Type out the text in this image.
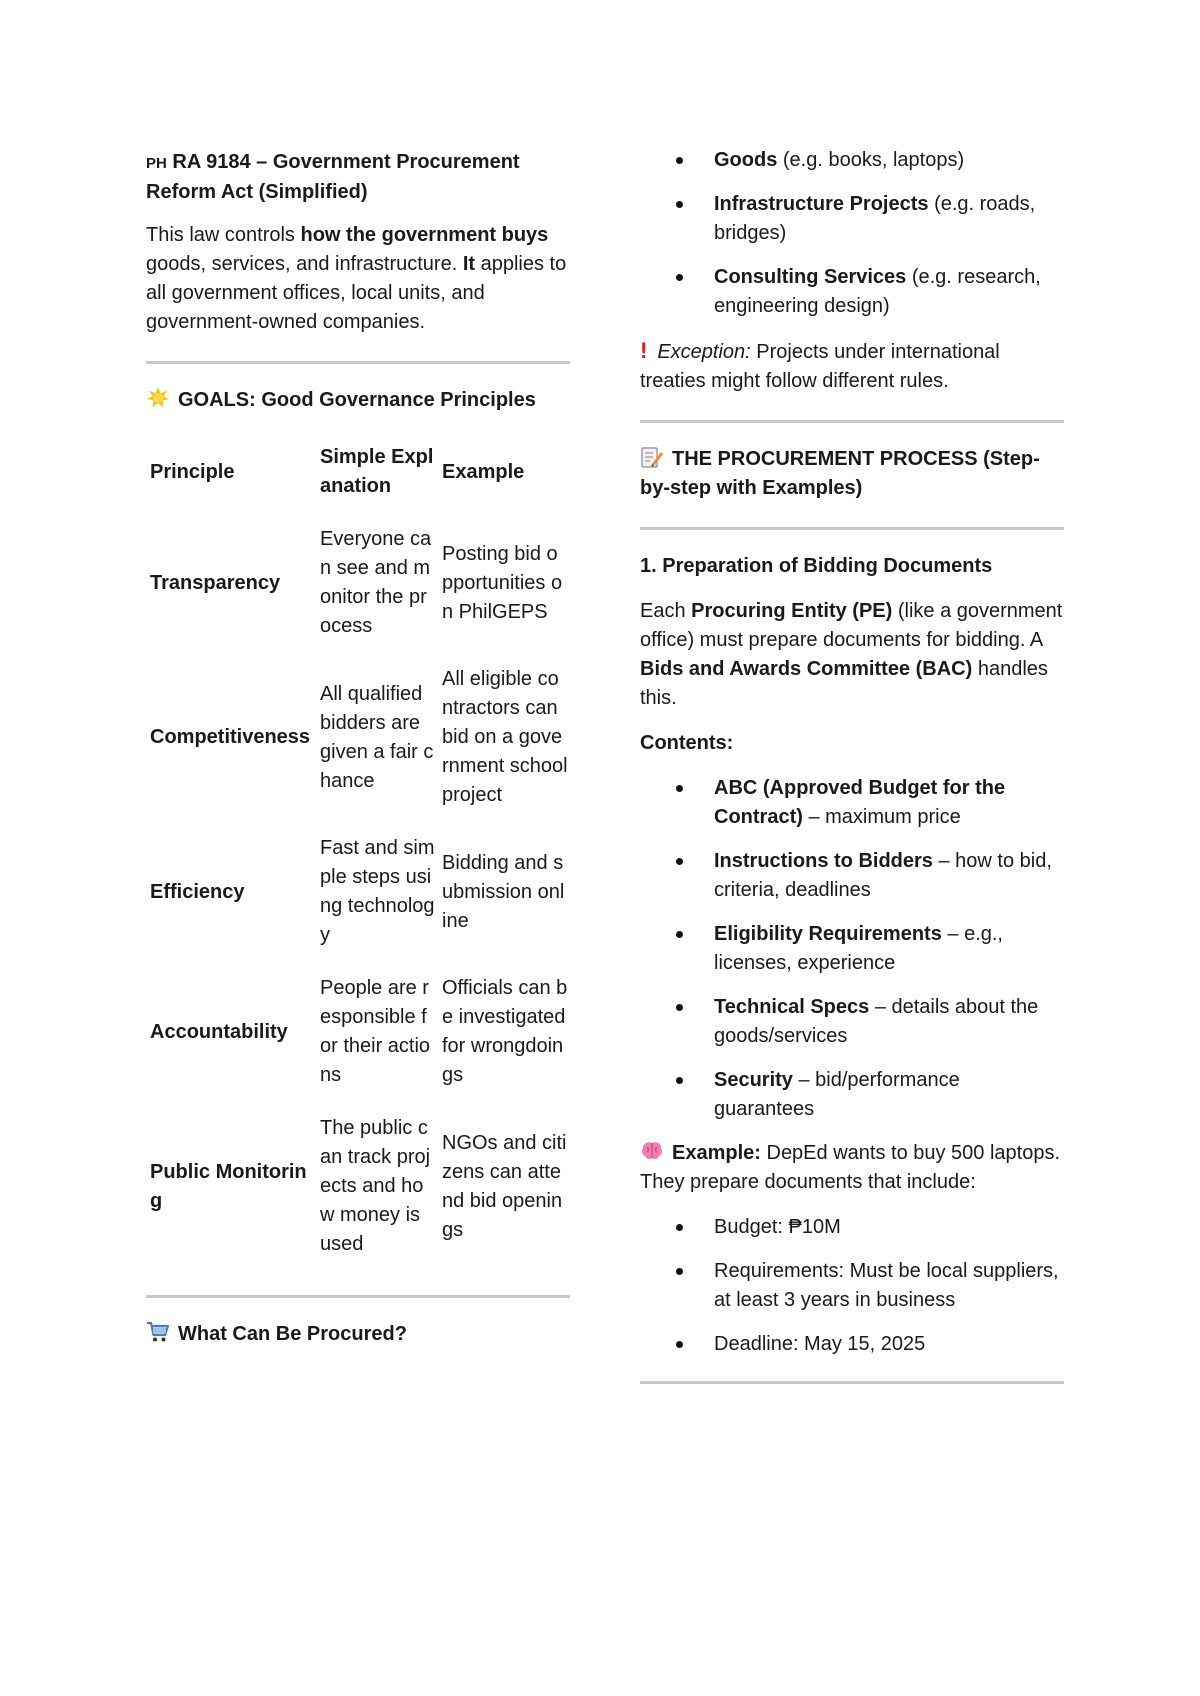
PH RA 9184 – Government Procurement Reform Act (Simplified)

This law controls how the government buys goods, services, and infrastructure. It applies to all government offices, local units, and government-owned companies.

GOALS: Good Governance Principles
Principle	Simple Explanation	Example
Transparency	Everyone can see and monitor the process	Posting bid opportunities on PhilGEPS
Competitiveness	All qualified bidders are given a fair chance	All eligible contractors can bid on a government school project
Efficiency	Fast and simple steps using technology	Bidding and submission online
Accountability	People are responsible for their actions	Officials can be investigated for wrongdoings
Public Monitoring	The public can track projects and how money is used	NGOs and citizens can attend bid openings
What Can Be Procured?
Goods (e.g. books, laptops)
Infrastructure Projects (e.g. roads, bridges)
Consulting Services (e.g. research, engineering design)

! Exception: Projects under international treaties might follow different rules.

THE PROCUREMENT PROCESS (Step-by-step with Examples)
1. Preparation of Bidding Documents

Each Procuring Entity (PE) (like a government office) must prepare documents for bidding. A Bids and Awards Committee (BAC) handles this.

Contents:

ABC (Approved Budget for the Contract) – maximum price
Instructions to Bidders – how to bid, criteria, deadlines
Eligibility Requirements – e.g., licenses, experience
Technical Specs – details about the goods/services
Security – bid/performance guarantees

Example: DepEd wants to buy 500 laptops. They prepare documents that include:

Budget: ₱10M
Requirements: Must be local suppliers, at least 3 years in business
Deadline: May 15, 2025
